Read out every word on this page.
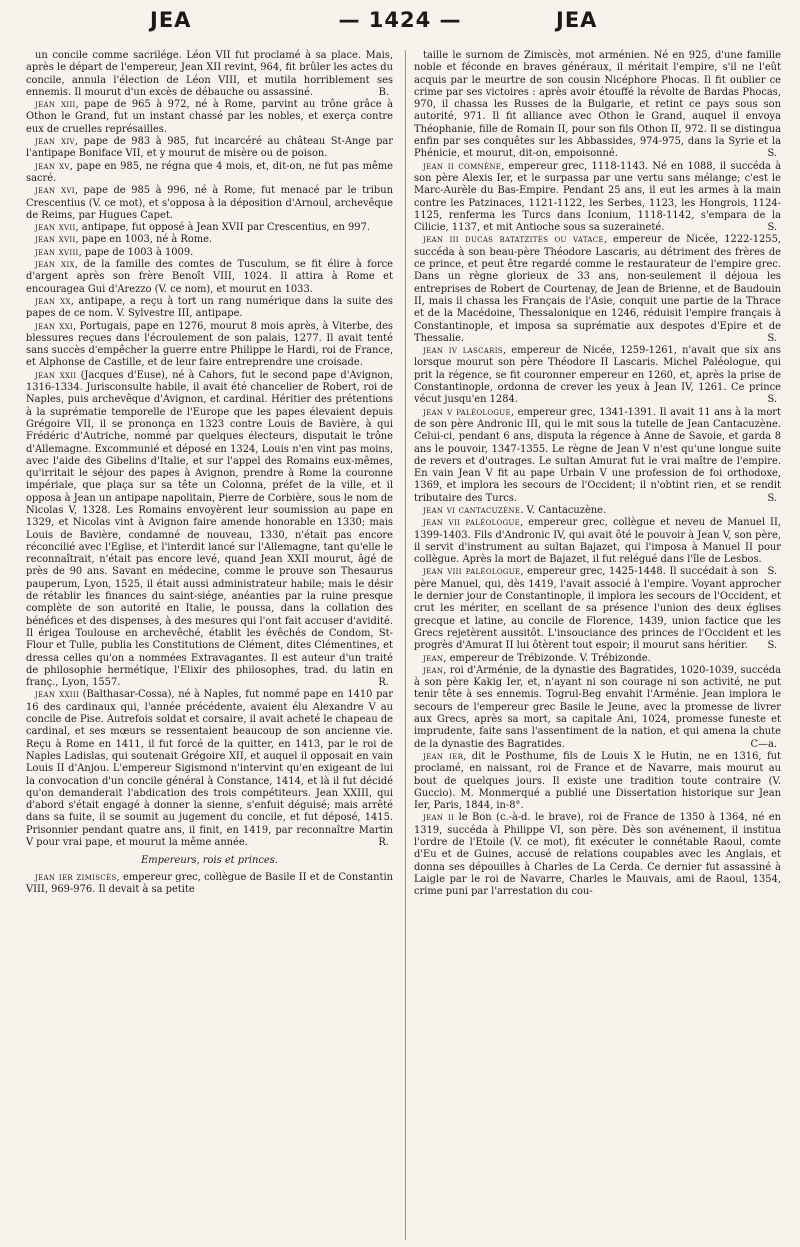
JEA	— 1424 —	JEA

un concile comme sacrilége. Léon VII fut proclamé à sa place. Mais, après le départ de l'empereur, Jean XII revint, 964, fit brûler les actes du concile, annula l'élection de Léon VIII, et mutila horriblement ses ennemis. Il mourut d'un excès de débauche ou assassiné.	B.

jean xiii, pape de 965 à 972, né à Rome, parvint au trône grâce à Othon le Grand, fut un instant chassé par les nobles, et exerça contre eux de cruelles représailles.

jean xiv, pape de 983 à 985, fut incarcéré au château St-Ange par l'antipape Boniface VII, et y mourut de misère ou de poison.

jean xv, pape en 985, ne régna que 4 mois, et, dit-on, ne fut pas même sacré.

jean xvi, pape de 985 à 996, né à Rome, fut menacé par le tribun Crescentius (V. ce mot), et s'opposa à la déposition d'Arnoul, archevêque de Reims, par Hugues Capet.

jean xvii, antipape, fut opposé à Jean XVII par Crescentius, en 997.

jean xvii, pape en 1003, né à Rome.

jean xviii, pape de 1003 à 1009.

jean xix, de la famille des comtes de Tusculum, se fit élire à force d'argent après son frère Benoît VIII, 1024. Il attira à Rome et encouragea Gui d'Arezzo (V. ce nom), et mourut en 1033.

jean xx, antipape, a reçu à tort un rang numérique dans la suite des papes de ce nom. V. Sylvestre III, antipape.

jean xxi, Portugais, pape en 1276, mourut 8 mois après, à Viterbe, des blessures reçues dans l'écroulement de son palais, 1277. Il avait tenté sans succès d'empêcher la guerre entre Philippe le Hardi, roi de France, et Alphonse de Castille, et de leur faire entreprendre une croisade.

jean xxii (Jacques d'Euse), né à Cahors, fut le second pape d'Avignon, 1316-1334. Jurisconsulte habile, il avait été chancelier de Robert, roi de Naples, puis archevêque d'Avignon, et cardinal. Héritier des prétentions à la suprématie temporelle de l'Europe que les papes élevaient depuis Grégoire VII, il se prononça en 1323 contre Louis de Bavière, à qui Frédéric d'Autriche, nommé par quelques électeurs, disputait le trône d'Allemagne. Excommunié et déposé en 1324, Louis n'en vint pas moins, avec l'aide des Gibelins d'Italie, et sur l'appel des Romains eux-mêmes, qu'irritait le séjour des papes à Avignon, prendre à Rome la couronne impériale, que plaça sur sa tête un Colonna, préfet de la ville, et il opposa à Jean un antipape napolitain, Pierre de Corbière, sous le nom de Nicolas V, 1328. Les Romains envoyèrent leur soumission au pape en 1329, et Nicolas vint à Avignon faire amende honorable en 1330; mais Louis de Bavière, condamné de nouveau, 1330, n'était pas encore réconcilié avec l'Eglise, et l'interdit lancé sur l'Allemagne, tant qu'elle le reconnaîtrait, n'était pas encore levé, quand Jean XXII mourut, âgé de près de 90 ans. Savant en médecine, comme le prouve son Thesaurus pauperum, Lyon, 1525, il était aussi administrateur habile; mais le désir de rétablir les finances du saint-siége, anéanties par la ruine presque complète de son autorité en Italie, le poussa, dans la collation des bénéfices et des dispenses, à des mesures qui l'ont fait accuser d'avidité. Il érigea Toulouse en archevêché, établit les évêchés de Condom, St-Flour et Tulle, publia les Constitutions de Clément, dites Clémentines, et dressa celles qu'on a nommées Extravagantes. Il est auteur d'un traité de philosophie hermétique, l'Elixir des philosophes, trad. du latin en franç., Lyon, 1557.	R.

jean xxiii (Balthasar-Cossa), né à Naples, fut nommé pape en 1410 par 16 des cardinaux qui, l'année précédente, avaient élu Alexandre V au concile de Pise. Autrefois soldat et corsaire, il avait acheté le chapeau de cardinal, et ses mœurs se ressentaient beaucoup de son ancienne vie. Reçu à Rome en 1411, il fut forcé de la quitter, en 1413, par le roi de Naples Ladislas, qui soutenait Grégoire XII, et auquel il opposait en vain Louis II d'Anjou. L'empereur Sigismond n'intervint qu'en exigeant de lui la convocation d'un concile général à Constance, 1414, et là il fut décidé qu'on demanderait l'abdication des trois compétiteurs. Jean XXIII, qui d'abord s'était engagé à donner la sienne, s'enfuit déguisé; mais arrêté dans sa fuite, il se soumit au jugement du concile, et fut déposé, 1415. Prisonnier pendant quatre ans, il finit, en 1419, par reconnaître Martin V pour vrai pape, et mourut la même année.	R.

Empereurs, rois et princes.

jean ier zimiscès, empereur grec, collègue de Basile II et de Constantin VIII, 969-976. Il devait à sa petite

taille le surnom de Zimiscès, mot arménien. Né en 925, d'une famille noble et féconde en braves généraux, il méritait l'empire, s'il ne l'eût acquis par le meurtre de son cousin Nicéphore Phocas. Il fit oublier ce crime par ses victoires : après avoir étouffé la révolte de Bardas Phocas, 970, il chassa les Russes de la Bulgarie, et retint ce pays sous son autorité, 971. Il fit alliance avec Othon le Grand, auquel il envoya Théophanie, fille de Romain II, pour son fils Othon II, 972. Il se distingua enfin par ses conquêtes sur les Abbassides, 974-975, dans la Syrie et la Phénicie, et mourut, dit-on, empoisonné.	S.

jean ii comnène, empereur grec, 1118-1143. Né en 1088, il succéda à son père Alexis Ier, et le surpassa par une vertu sans mélange; c'est le Marc-Aurèle du Bas-Empire. Pendant 25 ans, il eut les armes à la main contre les Patzinaces, 1121-1122, les Serbes, 1123, les Hongrois, 1124-1125, renferma les Turcs dans Iconium, 1118-1142, s'empara de la Cilicie, 1137, et mit Antioche sous sa suzeraineté.	S.

jean iii ducas batatzitès ou vatace, empereur de Nicée, 1222-1255, succéda à son beau-père Théodore Lascaris, au détriment des frères de ce prince, et peut être regardé comme le restaurateur de l'empire grec. Dans un règne glorieux de 33 ans, non-seulement il déjoua les entreprises de Robert de Courtenay, de Jean de Brienne, et de Baudouin II, mais il chassa les Français de l'Asie, conquit une partie de la Thrace et de la Macédoine, Thessalonique en 1246, réduisit l'empire français à Constantinople, et imposa sa suprématie aux despotes d'Epire et de Thessalie.	S.

jean iv lascaris, empereur de Nicée, 1259-1261, n'avait que six ans lorsque mourut son père Théodore II Lascaris. Michel Paléologue, qui prit la régence, se fit couronner empereur en 1260, et, après la prise de Constantinople, ordonna de crever les yeux à Jean IV, 1261. Ce prince vécut jusqu'en 1284.	S.

jean v paléologue, empereur grec, 1341-1391. Il avait 11 ans à la mort de son père Andronic III, qui le mit sous la tutelle de Jean Cantacuzène. Celui-ci, pendant 6 ans, disputa la régence à Anne de Savoie, et garda 8 ans le pouvoir, 1347-1355. Le règne de Jean V n'est qu'une longue suite de revers et d'outrages. Le sultan Amurat fut le vrai maître de l'empire. En vain Jean V fit au pape Urbain V une profession de foi orthodoxe, 1369, et implora les secours de l'Occident; il n'obtint rien, et se rendit tributaire des Turcs.	S.

jean vi cantacuzène. V. Cantacuzène.

jean vii paléologue, empereur grec, collègue et neveu de Manuel II, 1399-1403. Fils d'Andronic IV, qui avait ôté le pouvoir à Jean V, son père, il servit d'instrument au sultan Bajazet, qui l'imposa à Manuel II pour collègue. Après la mort de Bajazet, il fut relégué dans l'île de Lesbos.
S.

jean viii paléologue, empereur grec, 1425-1448. Il succédait à son père Manuel, qui, dès 1419, l'avait associé à l'empire. Voyant approcher le dernier jour de Constantinople, il implora les secours de l'Occident, et crut les mériter, en scellant de sa présence l'union des deux églises grecque et latine, au concile de Florence, 1439, union factice que les Grecs rejetèrent aussitôt. L'insouciance des princes de l'Occident et les progrès d'Amurat II lui ôtèrent tout espoir; il mourut sans héritier.	S.

jean, empereur de Trébizonde. V. Trébizonde.

jean, roi d'Arménie, de la dynastie des Bagratides, 1020-1039, succéda à son père Kakig Ier, et, n'ayant ni son courage ni son activité, ne put tenir tête à ses ennemis. Togrul-Beg envahit l'Arménie. Jean implora le secours de l'empereur grec Basile le Jeune, avec la promesse de livrer aux Grecs, après sa mort, sa capitale Ani, 1024, promesse funeste et imprudente, faite sans l'assentiment de la nation, et qui amena la chute de la dynastie des Bagratides.	C—a.

jean ier, dit le Posthume, fils de Louis X le Hutin, ne en 1316, fut proclamé, en naissant, roi de France et de Navarre, mais mourut au bout de quelques jours. Il existe une tradition toute contraire (V. Guccio). M. Monmerqué a publié une Dissertation historique sur Jean Ier, Paris, 1844, in-8°.

jean ii le Bon (c.-à-d. le brave), roi de France de 1350 à 1364, né en 1319, succéda à Philippe VI, son père. Dès son avénement, il institua l'ordre de l'Etoile (V. ce mot), fit exécuter le connétable Raoul, comte d'Eu et de Guines, accusé de relations coupables avec les Anglais, et donna ses dépouilles à Charles de La Cerda. Ce dernier fut assassiné à Laigle par le roi de Navarre, Charles le Mauvais, ami de Raoul, 1354, crime puni par l'arrestation du cou-
